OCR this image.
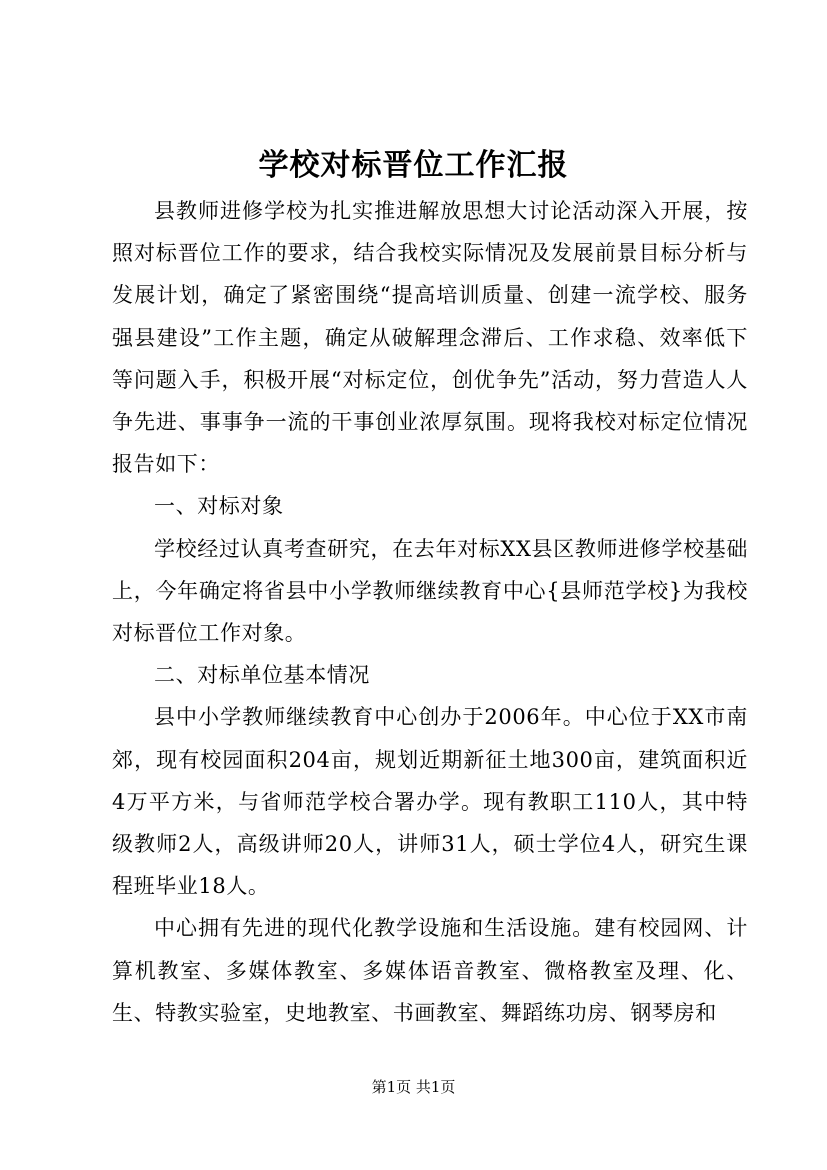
学校对标晋位工作汇报

县教师进修学校为扎实推进解放思想大讨论活动深入开展，按照对标晋位工作的要求，结合我校实际情况及发展前景目标分析与发展计划，确定了紧密围绕“提高培训质量、创建一流学校、服务强县建设”工作主题，确定从破解理念滞后、工作求稳、效率低下等问题入手，积极开展“对标定位，创优争先”活动，努力营造人人争先进、事事争一流的干事创业浓厚氛围。现将我校对标定位情况报告如下：

一、对标对象

学校经过认真考查研究，在去年对标XX县区教师进修学校基础上，今年确定将省县中小学教师继续教育中心{县师范学校}为我校对标晋位工作对象。

二、对标单位基本情况

县中小学教师继续教育中心创办于2006年。中心位于XX市南郊，现有校园面积204亩，规划近期新征土地300亩，建筑面积近4万平方米，与省师范学校合署办学。现有教职工110人，其中特级教师2人，高级讲师20人，讲师31人，硕士学位4人，研究生课程班毕业18人。

中心拥有先进的现代化教学设施和生活设施。建有校园网、计算机教室、多媒体教室、多媒体语音教室、微格教室及理、化、生、特教实验室，史地教室、书画教室、舞蹈练功房、钢琴房和

第1页 共1页
